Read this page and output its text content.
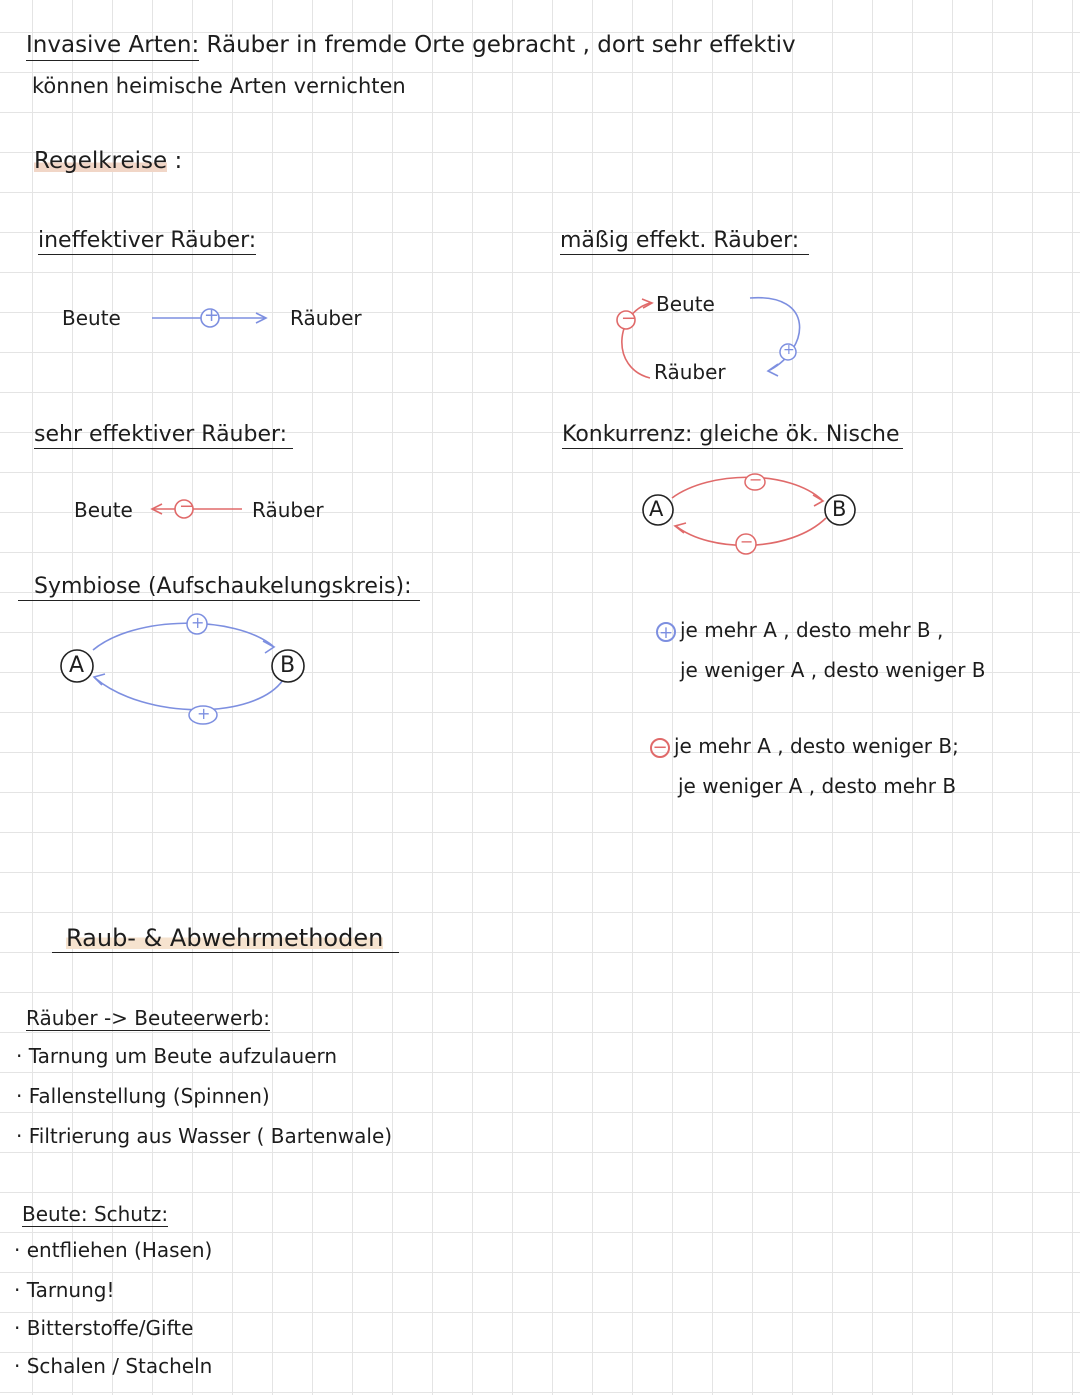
Invasive Arten: Räuber in fremde Orte gebracht , dort sehr effektiv
können heimische Arten vernichten
Regelkreise :
ineffektiver Räuber:
Beute	+	Räuber
mäßig effekt. Räuber:
−
+
Beute
Räuber
sehr effektiver Räuber:
Beute	−	Räuber
Konkurrenz: gleiche ök. Nische
A	B
−
−
Symbiose (Aufschaukelungskreis):
A	B
+
+
+ je mehr A , desto mehr B ,
je weniger A , desto weniger B
− je mehr A , desto weniger B;
je weniger A , desto mehr B
Raub- & Abwehrmethoden
Räuber -> Beuteerwerb:
· Tarnung um Beute aufzulauern
· Fallenstellung (Spinnen)
· Filtrierung aus Wasser ( Bartenwale)
Beute: Schutz:
· entfliehen (Hasen)
· Tarnung!
· Bitterstoffe/Gifte
· Schalen / Stacheln
